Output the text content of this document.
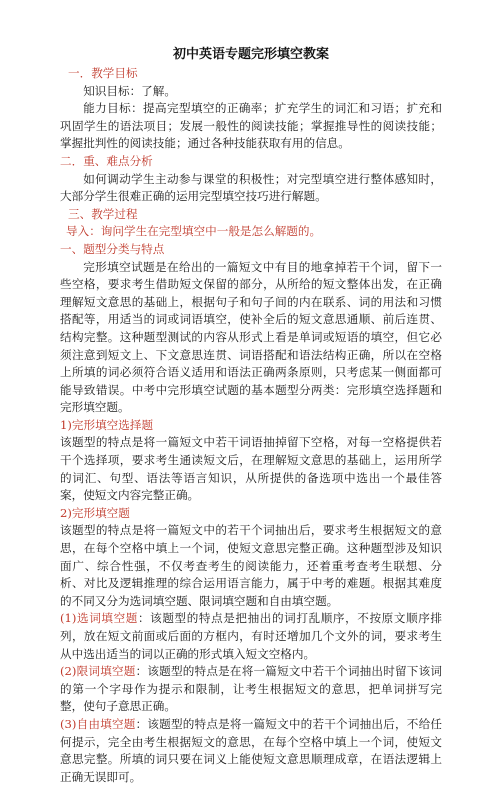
初中英语专题完形填空教案
一．教学目标
知识目标：了解。
能力目标：提高完型填空的正确率；扩充学生的词汇和习语；扩充和巩固学生的语法项目；发展一般性的阅读技能；掌握推导性的阅读技能；掌握批判性的阅读技能；通过各种技能获取有用的信息。
二．重、难点分析
如何调动学生主动参与课堂的积极性；对完型填空进行整体感知时，大部分学生很难正确的运用完型填空技巧进行解题。
三、教学过程
导入：询问学生在完型填空中一般是怎么解题的。
一、题型分类与特点
完形填空试题是在给出的一篇短文中有目的地拿掉若干个词，留下一些空格，要求考生借助短文保留的部分，从所给的短文整体出发，在正确理解短文意思的基础上，根据句子和句子间的内在联系、词的用法和习惯搭配等，用适当的词或词语填空，使补全后的短文意思通顺、前后连贯、结构完整。这种题型测试的内容从形式上看是单词或短语的填空，但它必须注意到短文上、下文意思连贯、词语搭配和语法结构正确，所以在空格上所填的词必须符合语义适用和语法正确两条原则，只考虑某一侧面都可能导致错误。中考中完形填空试题的基本题型分两类：完形填空选择题和完形填空题。
1)完形填空选择题
该题型的特点是将一篇短文中若干词语抽掉留下空格，对每一空格提供若干个选择项，要求考生通读短文后，在理解短文意思的基础上，运用所学的词汇、句型、语法等语言知识，从所提供的备选项中选出一个最佳答案，使短文内容完整正确。
2)完形填空题
该题型的特点是将一篇短文中的若干个词抽出后，要求考生根据短文的意思，在每个空格中填上一个词，使短文意思完整正确。这种题型涉及知识面广、综合性强，不仅考查考生的阅读能力，还着重考查考生联想、分析、对比及逻辑推理的综合运用语言能力，属于中考的难题。根据其难度的不同又分为选词填空题、限词填空题和自由填空题。
(1)选词填空题：该题型的特点是把抽出的词打乱顺序，不按原文顺序排列，放在短文前面或后面的方框内，有时还增加几个文外的词，要求考生从中选出适当的词以正确的形式填入短文空格内。
(2)限词填空题：该题型的特点是在将一篇短文中若干个词抽出时留下该词的第一个字母作为提示和限制，让考生根据短文的意思，把单词拼写完整，使句子意思正确。
(3)自由填空题：该题型的特点是将一篇短文中的若干个词抽出后，不给任何提示，完全由考生根据短文的意思，在每个空格中填上一个词，使短文意思完整。所填的词只要在词义上能使短文意思顺理成章，在语法逻辑上正确无误即可。
